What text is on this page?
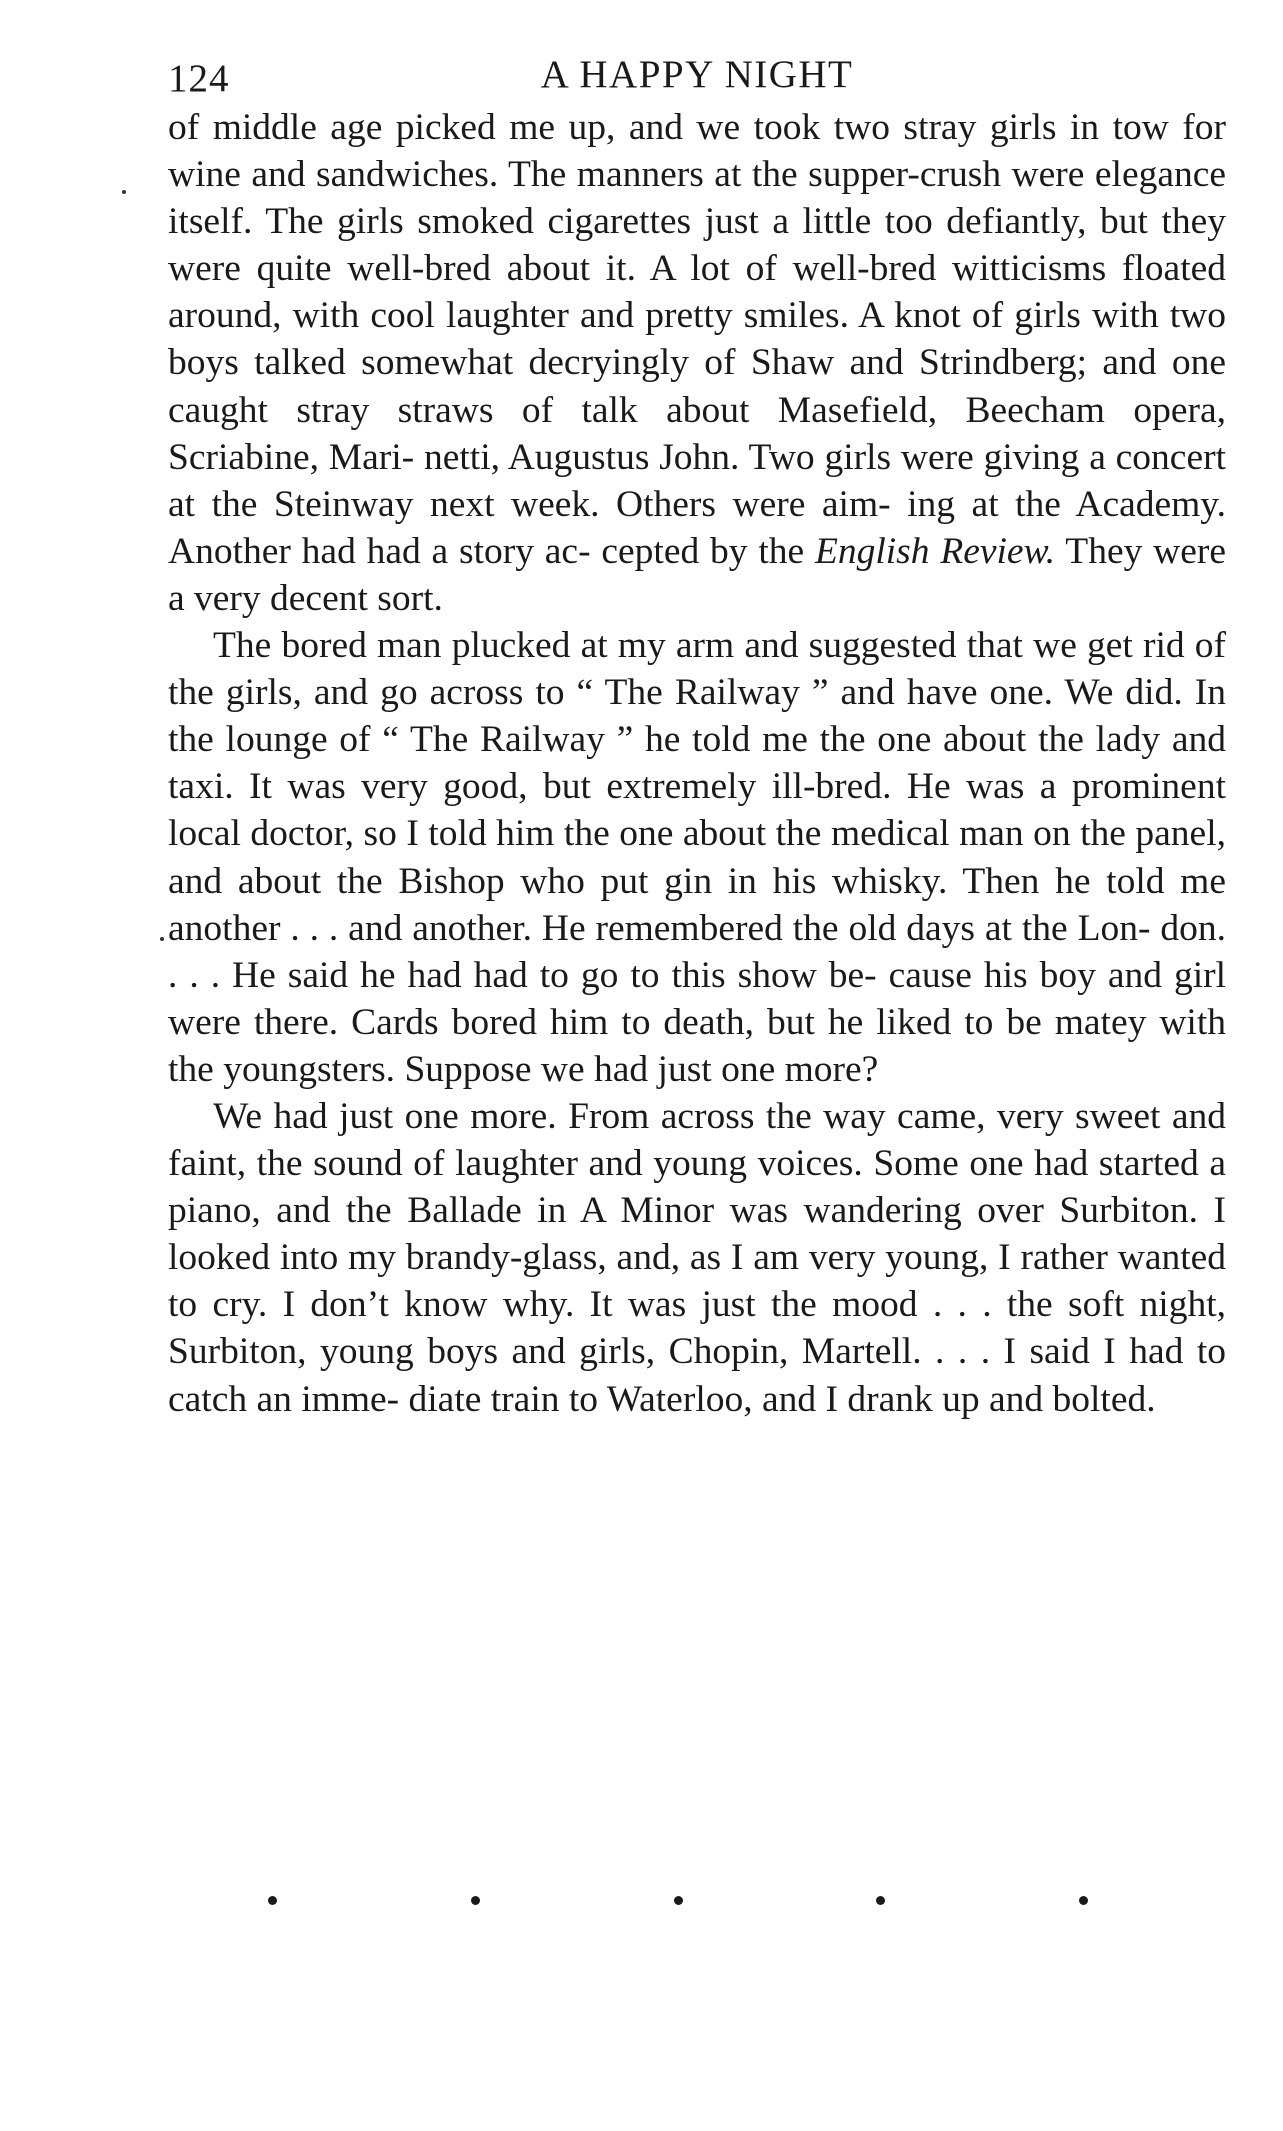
124	A HAPPY NIGHT

of middle age picked me up, and we took two stray girls in tow for wine and sandwiches. The manners at the supper-crush were elegance itself. The girls smoked cigarettes just a little too defiantly, but they were quite well-bred about it. A lot of well-bred witticisms floated around, with cool laughter and pretty smiles. A knot of girls with two boys talked somewhat decryingly of Shaw and Strindberg; and one caught stray straws of talk about Masefield, Beecham opera, Scriabine, Mari- netti, Augustus John. Two girls were giving a concert at the Steinway next week. Others were aim- ing at the Academy. Another had had a story ac- cepted by the English Review. They were a very decent sort.

The bored man plucked at my arm and suggested that we get rid of the girls, and go across to “ The Railway ” and have one. We did. In the lounge of “ The Railway ” he told me the one about the lady and taxi. It was very good, but extremely ill-bred. He was a prominent local doctor, so I told him the one about the medical man on the panel, and about the Bishop who put gin in his whisky. Then he told me another . . . and another. He remembered the old days at the Lon- don. . . . He said he had had to go to this show be- cause his boy and girl were there. Cards bored him to death, but he liked to be matey with the youngsters. Suppose we had just one more?

We had just one more. From across the way came, very sweet and faint, the sound of laughter and young voices. Some one had started a piano, and the Ballade in A Minor was wandering over Surbiton. I looked into my brandy-glass, and, as I am very young, I rather wanted to cry. I don’t know why. It was just the mood . . . the soft night, Surbiton, young boys and girls, Chopin, Martell. . . . I said I had to catch an imme- diate train to Waterloo, and I drank up and bolted.
